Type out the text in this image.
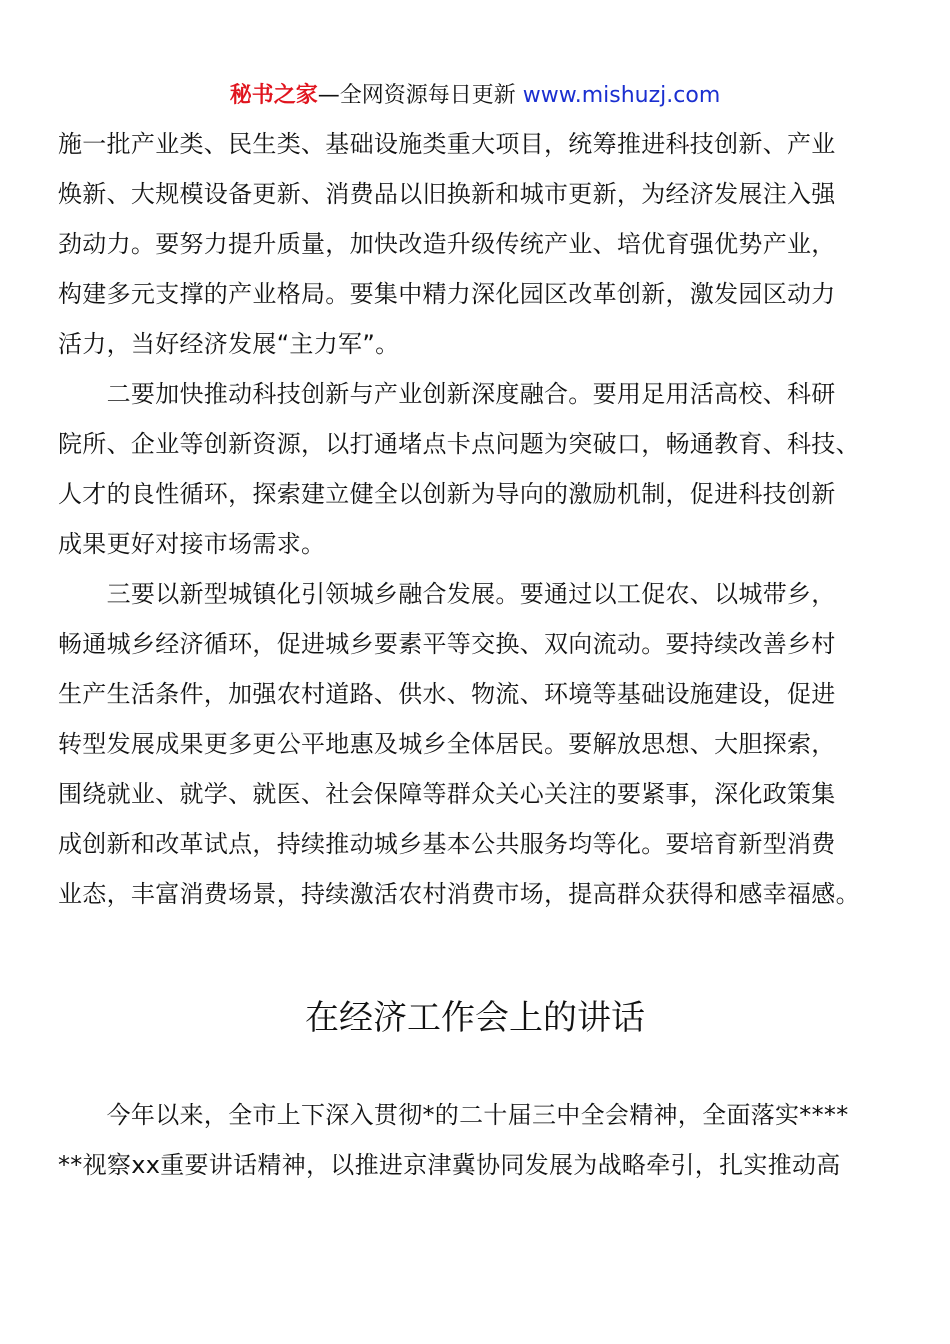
秘书之家—全网资源每日更新 www.mishuzj.com
施一批产业类、民生类、基础设施类重大项目，统筹推进科技创新、产业
焕新、大规模设备更新、消费品以旧换新和城市更新，为经济发展注入强
劲动力。要努力提升质量，加快改造升级传统产业、培优育强优势产业，
构建多元支撑的产业格局。要集中精力深化园区改革创新，激发园区动力
活力，当好经济发展“主力军”。
　　二要加快推动科技创新与产业创新深度融合。要用足用活高校、科研
院所、企业等创新资源，以打通堵点卡点问题为突破口，畅通教育、科技、
人才的良性循环，探索建立健全以创新为导向的激励机制，促进科技创新
成果更好对接市场需求。
　　三要以新型城镇化引领城乡融合发展。要通过以工促农、以城带乡，
畅通城乡经济循环，促进城乡要素平等交换、双向流动。要持续改善乡村
生产生活条件，加强农村道路、供水、物流、环境等基础设施建设，促进
转型发展成果更多更公平地惠及城乡全体居民。要解放思想、大胆探索，
围绕就业、就学、就医、社会保障等群众关心关注的要紧事，深化政策集
成创新和改革试点，持续推动城乡基本公共服务均等化。要培育新型消费
业态，丰富消费场景，持续激活农村消费市场，提高群众获得和感幸福感。
在经济工作会上的讲话
　　今年以来，全市上下深入贯彻*的二十届三中全会精神，全面落实****
**视察xx重要讲话精神，以推进京津冀协同发展为战略牵引，扎实推动高
